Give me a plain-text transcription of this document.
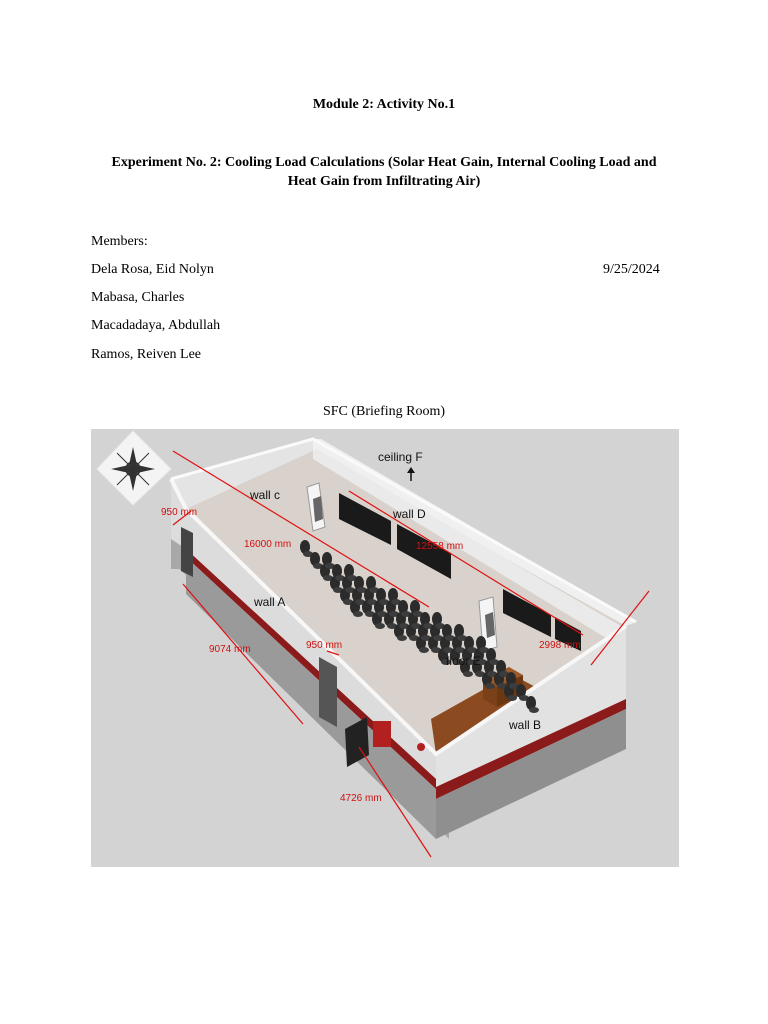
Module 2: Activity No.1
Experiment No. 2: Cooling Load Calculations (Solar Heat Gain, Internal Cooling Load and
Heat Gain from Infiltrating Air)
Members:
Dela Rosa, Eid Nolyn	9/25/2024
Mabasa, Charles
Macadadaya, Abdullah
Ramos, Reiven Lee
SFC (Briefing Room)
ceiling F
wall c
wall D
wall A
floor E
wall B
950 mm
16000 mm	12558 mm
9074 mm	950 mm
4726 mm
2998 mm
